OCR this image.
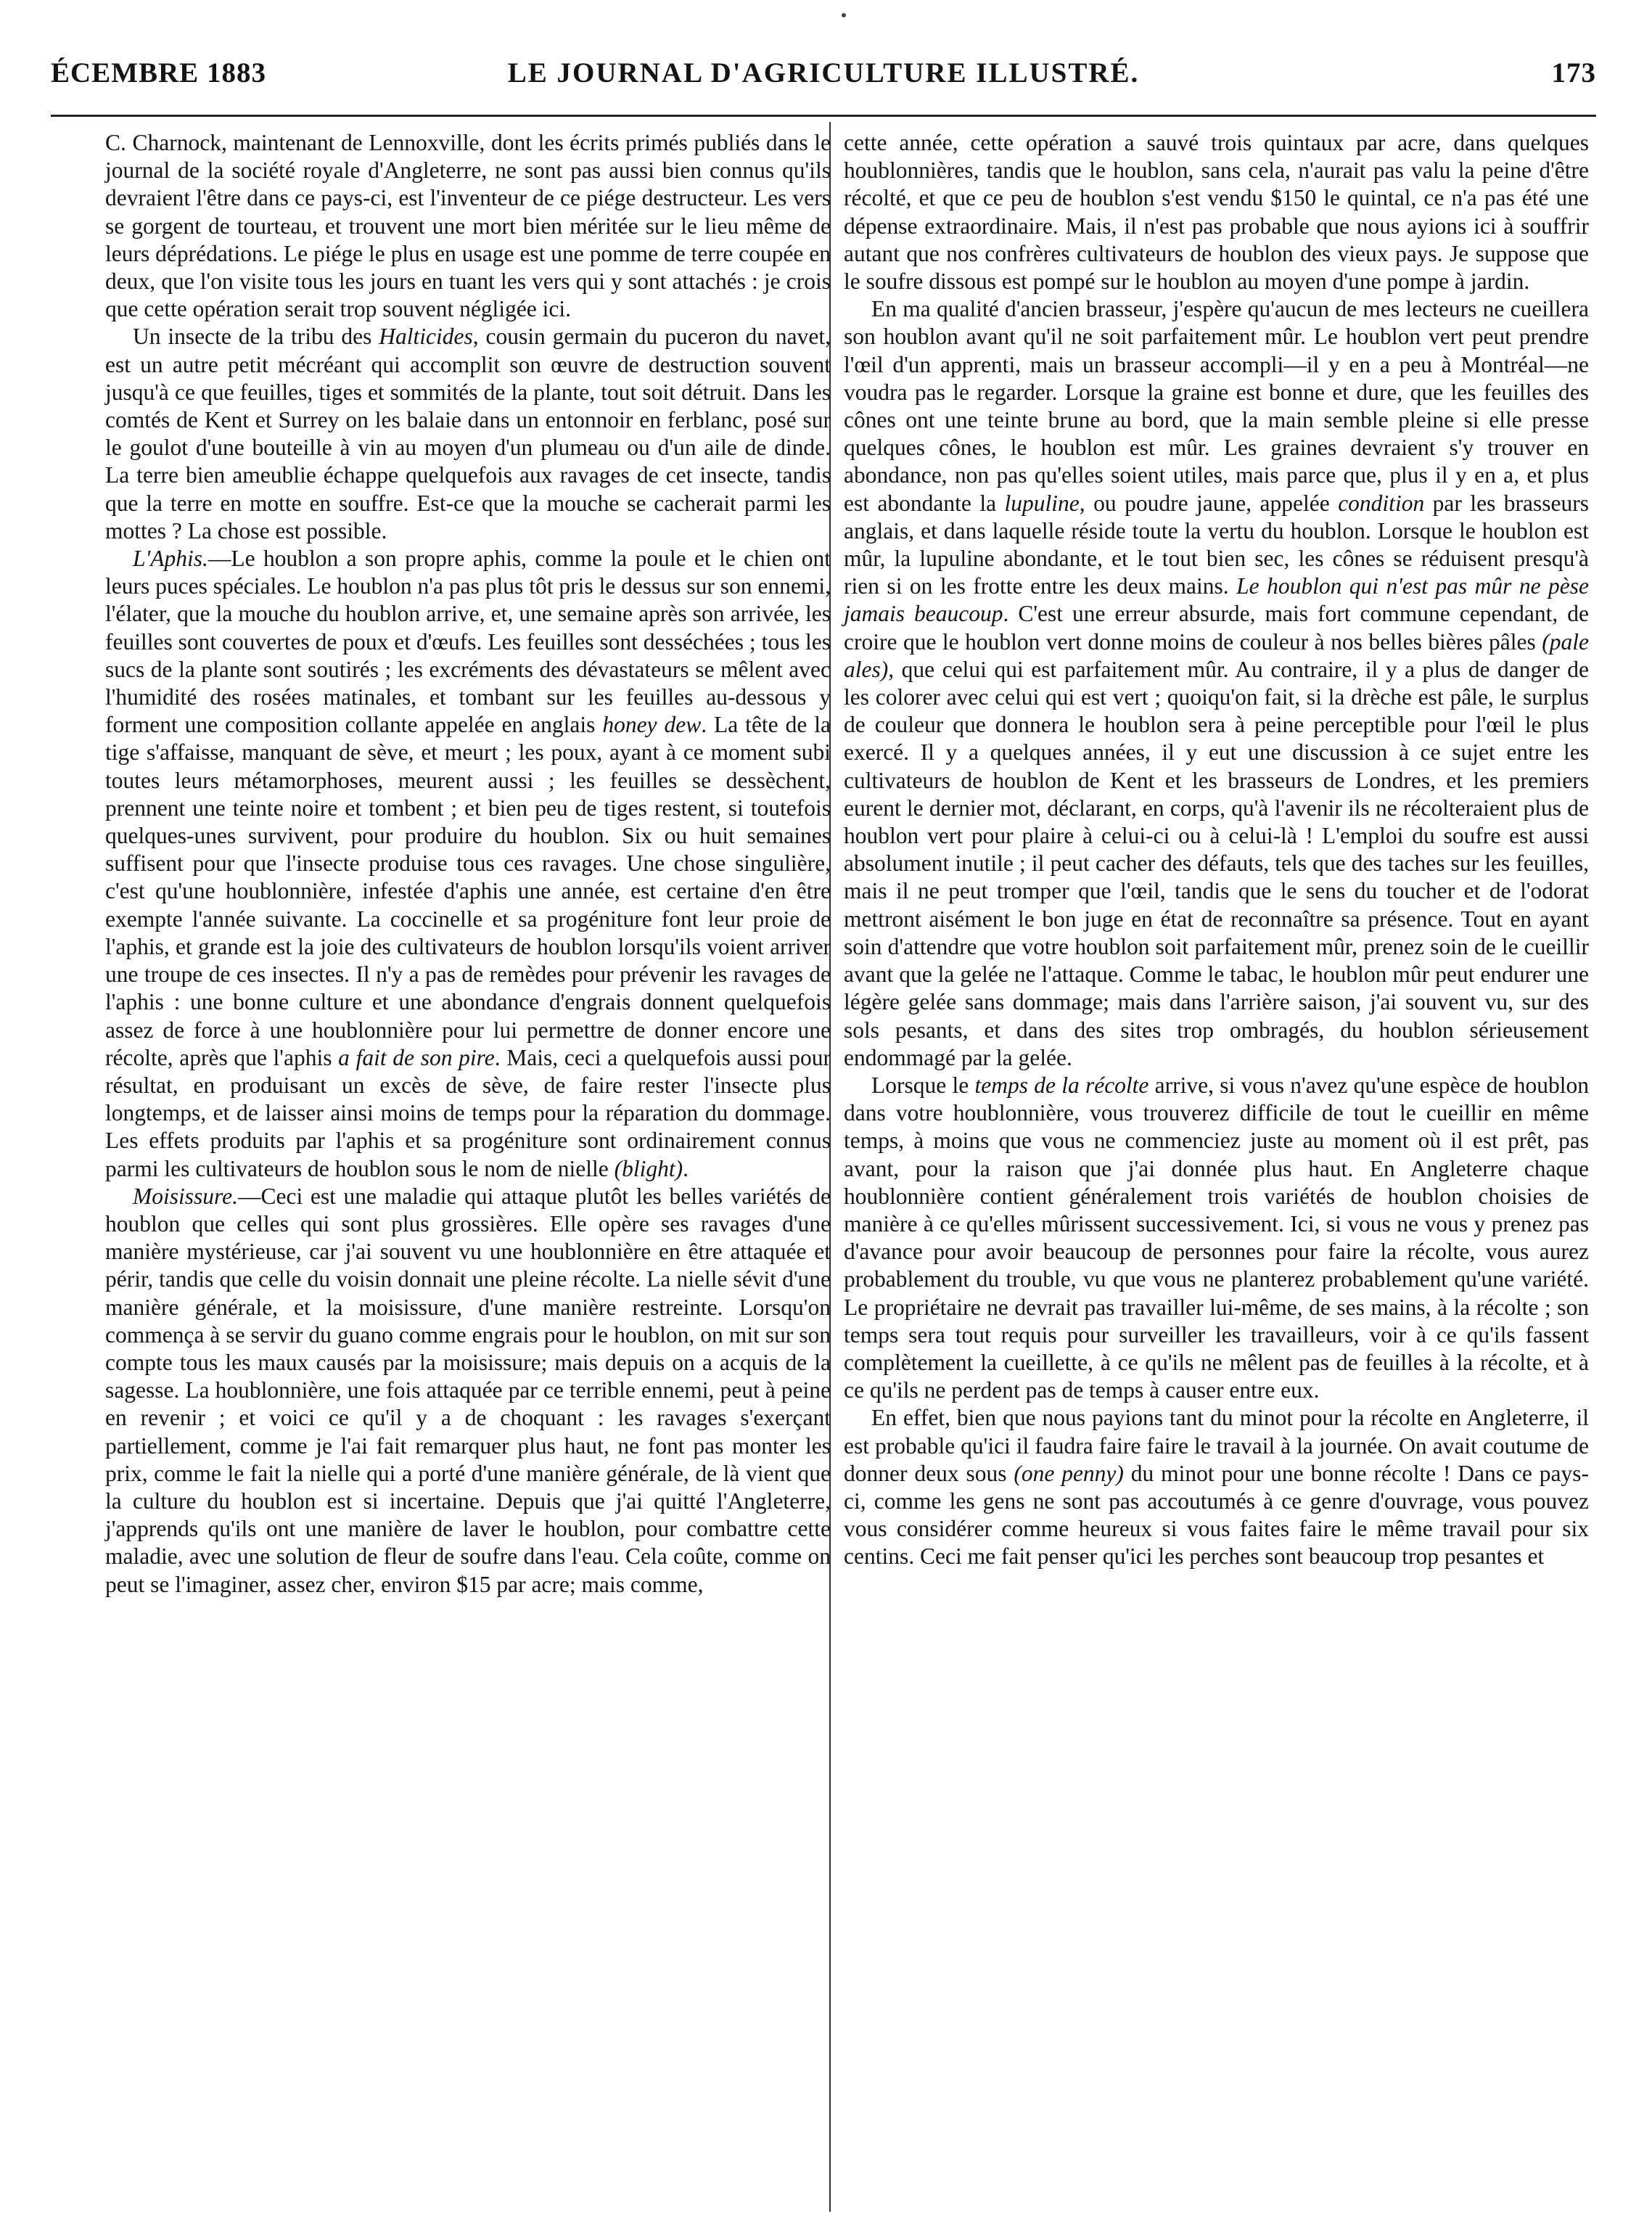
ÉCEMBRE 1883	LE JOURNAL D'AGRICULTURE ILLUSTRÉ.	173

C. Charnock, maintenant de Lennoxville, dont les écrits primés publiés dans le journal de la société royale d'Angleterre, ne sont pas aussi bien connus qu'ils devraient l'être dans ce pays-ci, est l'inventeur de ce piége destructeur. Les vers se gorgent de tourteau, et trouvent une mort bien méritée sur le lieu même de leurs déprédations. Le piége le plus en usage est une pomme de terre coupée en deux, que l'on visite tous les jours en tuant les vers qui y sont attachés : je crois que cette opération serait trop souvent négligée ici.

Un insecte de la tribu des Halticides, cousin germain du puceron du navet, est un autre petit mécréant qui accomplit son œuvre de destruction souvent jusqu'à ce que feuilles, tiges et sommités de la plante, tout soit détruit. Dans les comtés de Kent et Surrey on les balaie dans un entonnoir en ferblanc, posé sur le goulot d'une bouteille à vin au moyen d'un plumeau ou d'un aile de dinde. La terre bien ameublie échappe quelquefois aux ravages de cet insecte, tandis que la terre en motte en souffre. Est-ce que la mouche se cacherait parmi les mottes ? La chose est possible.

L'Aphis.—Le houblon a son propre aphis, comme la poule et le chien ont leurs puces spéciales. Le houblon n'a pas plus tôt pris le dessus sur son ennemi, l'élater, que la mouche du houblon arrive, et, une semaine après son arrivée, les feuilles sont couvertes de poux et d'œufs. Les feuilles sont desséchées ; tous les sucs de la plante sont soutirés ; les excréments des dévastateurs se mêlent avec l'humidité des rosées matinales, et tombant sur les feuilles au-dessous y forment une composition collante appelée en anglais honey dew. La tête de la tige s'affaisse, manquant de sève, et meurt ; les poux, ayant à ce moment subi toutes leurs métamorphoses, meurent aussi ; les feuilles se dessèchent, prennent une teinte noire et tombent ; et bien peu de tiges restent, si toutefois quelques-unes survivent, pour produire du houblon. Six ou huit semaines suffisent pour que l'insecte produise tous ces ravages. Une chose singulière, c'est qu'une houblonnière, infestée d'aphis une année, est certaine d'en être exempte l'année suivante. La coccinelle et sa progéniture font leur proie de l'aphis, et grande est la joie des cultivateurs de houblon lorsqu'ils voient arriver une troupe de ces insectes. Il n'y a pas de remèdes pour prévenir les ravages de l'aphis : une bonne culture et une abondance d'engrais donnent quelquefois assez de force à une houblonnière pour lui permettre de donner encore une récolte, après que l'aphis a fait de son pire. Mais, ceci a quelquefois aussi pour résultat, en produisant un excès de sève, de faire rester l'insecte plus longtemps, et de laisser ainsi moins de temps pour la réparation du dommage. Les effets produits par l'aphis et sa progéniture sont ordinairement connus parmi les cultivateurs de houblon sous le nom de nielle (blight).

Moisissure.—Ceci est une maladie qui attaque plutôt les belles variétés de houblon que celles qui sont plus grossières. Elle opère ses ravages d'une manière mystérieuse, car j'ai souvent vu une houblonnière en être attaquée et périr, tandis que celle du voisin donnait une pleine récolte. La nielle sévit d'une manière générale, et la moisissure, d'une manière restreinte. Lorsqu'on commença à se servir du guano comme engrais pour le houblon, on mit sur son compte tous les maux causés par la moisissure; mais depuis on a acquis de la sagesse. La houblonnière, une fois attaquée par ce terrible ennemi, peut à peine en revenir ; et voici ce qu'il y a de choquant : les ravages s'exerçant partiellement, comme je l'ai fait remarquer plus haut, ne font pas monter les prix, comme le fait la nielle qui a porté d'une manière générale, de là vient que la culture du houblon est si incertaine. Depuis que j'ai quitté l'Angleterre, j'apprends qu'ils ont une manière de laver le houblon, pour combattre cette maladie, avec une solution de fleur de soufre dans l'eau. Cela coûte, comme on peut se l'imaginer, assez cher, environ $15 par acre; mais comme,

cette année, cette opération a sauvé trois quintaux par acre, dans quelques houblonnières, tandis que le houblon, sans cela, n'aurait pas valu la peine d'être récolté, et que ce peu de houblon s'est vendu $150 le quintal, ce n'a pas été une dépense extraordinaire. Mais, il n'est pas probable que nous ayions ici à souffrir autant que nos confrères cultivateurs de houblon des vieux pays. Je suppose que le soufre dissous est pompé sur le houblon au moyen d'une pompe à jardin.

En ma qualité d'ancien brasseur, j'espère qu'aucun de mes lecteurs ne cueillera son houblon avant qu'il ne soit parfaitement mûr. Le houblon vert peut prendre l'œil d'un apprenti, mais un brasseur accompli—il y en a peu à Montréal—ne voudra pas le regarder. Lorsque la graine est bonne et dure, que les feuilles des cônes ont une teinte brune au bord, que la main semble pleine si elle presse quelques cônes, le houblon est mûr. Les graines devraient s'y trouver en abondance, non pas qu'elles soient utiles, mais parce que, plus il y en a, et plus est abondante la lupuline, ou poudre jaune, appelée condition par les brasseurs anglais, et dans laquelle réside toute la vertu du houblon. Lorsque le houblon est mûr, la lupuline abondante, et le tout bien sec, les cônes se réduisent presqu'à rien si on les frotte entre les deux mains. Le houblon qui n'est pas mûr ne pèse jamais beaucoup. C'est une erreur absurde, mais fort commune cependant, de croire que le houblon vert donne moins de couleur à nos belles bières pâles (pale ales), que celui qui est parfaitement mûr. Au contraire, il y a plus de danger de les colorer avec celui qui est vert ; quoiqu'on fait, si la drèche est pâle, le surplus de couleur que donnera le houblon sera à peine perceptible pour l'œil le plus exercé. Il y a quelques années, il y eut une discussion à ce sujet entre les cultivateurs de houblon de Kent et les brasseurs de Londres, et les premiers eurent le dernier mot, déclarant, en corps, qu'à l'avenir ils ne récolteraient plus de houblon vert pour plaire à celui-ci ou à celui-là ! L'emploi du soufre est aussi absolument inutile ; il peut cacher des défauts, tels que des taches sur les feuilles, mais il ne peut tromper que l'œil, tandis que le sens du toucher et de l'odorat mettront aisément le bon juge en état de reconnaître sa présence. Tout en ayant soin d'attendre que votre houblon soit parfaitement mûr, prenez soin de le cueillir avant que la gelée ne l'attaque. Comme le tabac, le houblon mûr peut endurer une légère gelée sans dommage; mais dans l'arrière saison, j'ai souvent vu, sur des sols pesants, et dans des sites trop ombragés, du houblon sérieusement endommagé par la gelée.

Lorsque le temps de la récolte arrive, si vous n'avez qu'une espèce de houblon dans votre houblonnière, vous trouverez difficile de tout le cueillir en même temps, à moins que vous ne commenciez juste au moment où il est prêt, pas avant, pour la raison que j'ai donnée plus haut. En Angleterre chaque houblonnière contient généralement trois variétés de houblon choisies de manière à ce qu'elles mûrissent successivement. Ici, si vous ne vous y prenez pas d'avance pour avoir beaucoup de personnes pour faire la récolte, vous aurez probablement du trouble, vu que vous ne planterez probablement qu'une variété. Le propriétaire ne devrait pas travailler lui-même, de ses mains, à la récolte ; son temps sera tout requis pour surveiller les travailleurs, voir à ce qu'ils fassent complètement la cueillette, à ce qu'ils ne mêlent pas de feuilles à la récolte, et à ce qu'ils ne perdent pas de temps à causer entre eux.

En effet, bien que nous payions tant du minot pour la récolte en Angleterre, il est probable qu'ici il faudra faire faire le travail à la journée. On avait coutume de donner deux sous (one penny) du minot pour une bonne récolte ! Dans ce pays-ci, comme les gens ne sont pas accoutumés à ce genre d'ouvrage, vous pouvez vous considérer comme heureux si vous faites faire le même travail pour six centins. Ceci me fait penser qu'ici les perches sont beaucoup trop pesantes et
